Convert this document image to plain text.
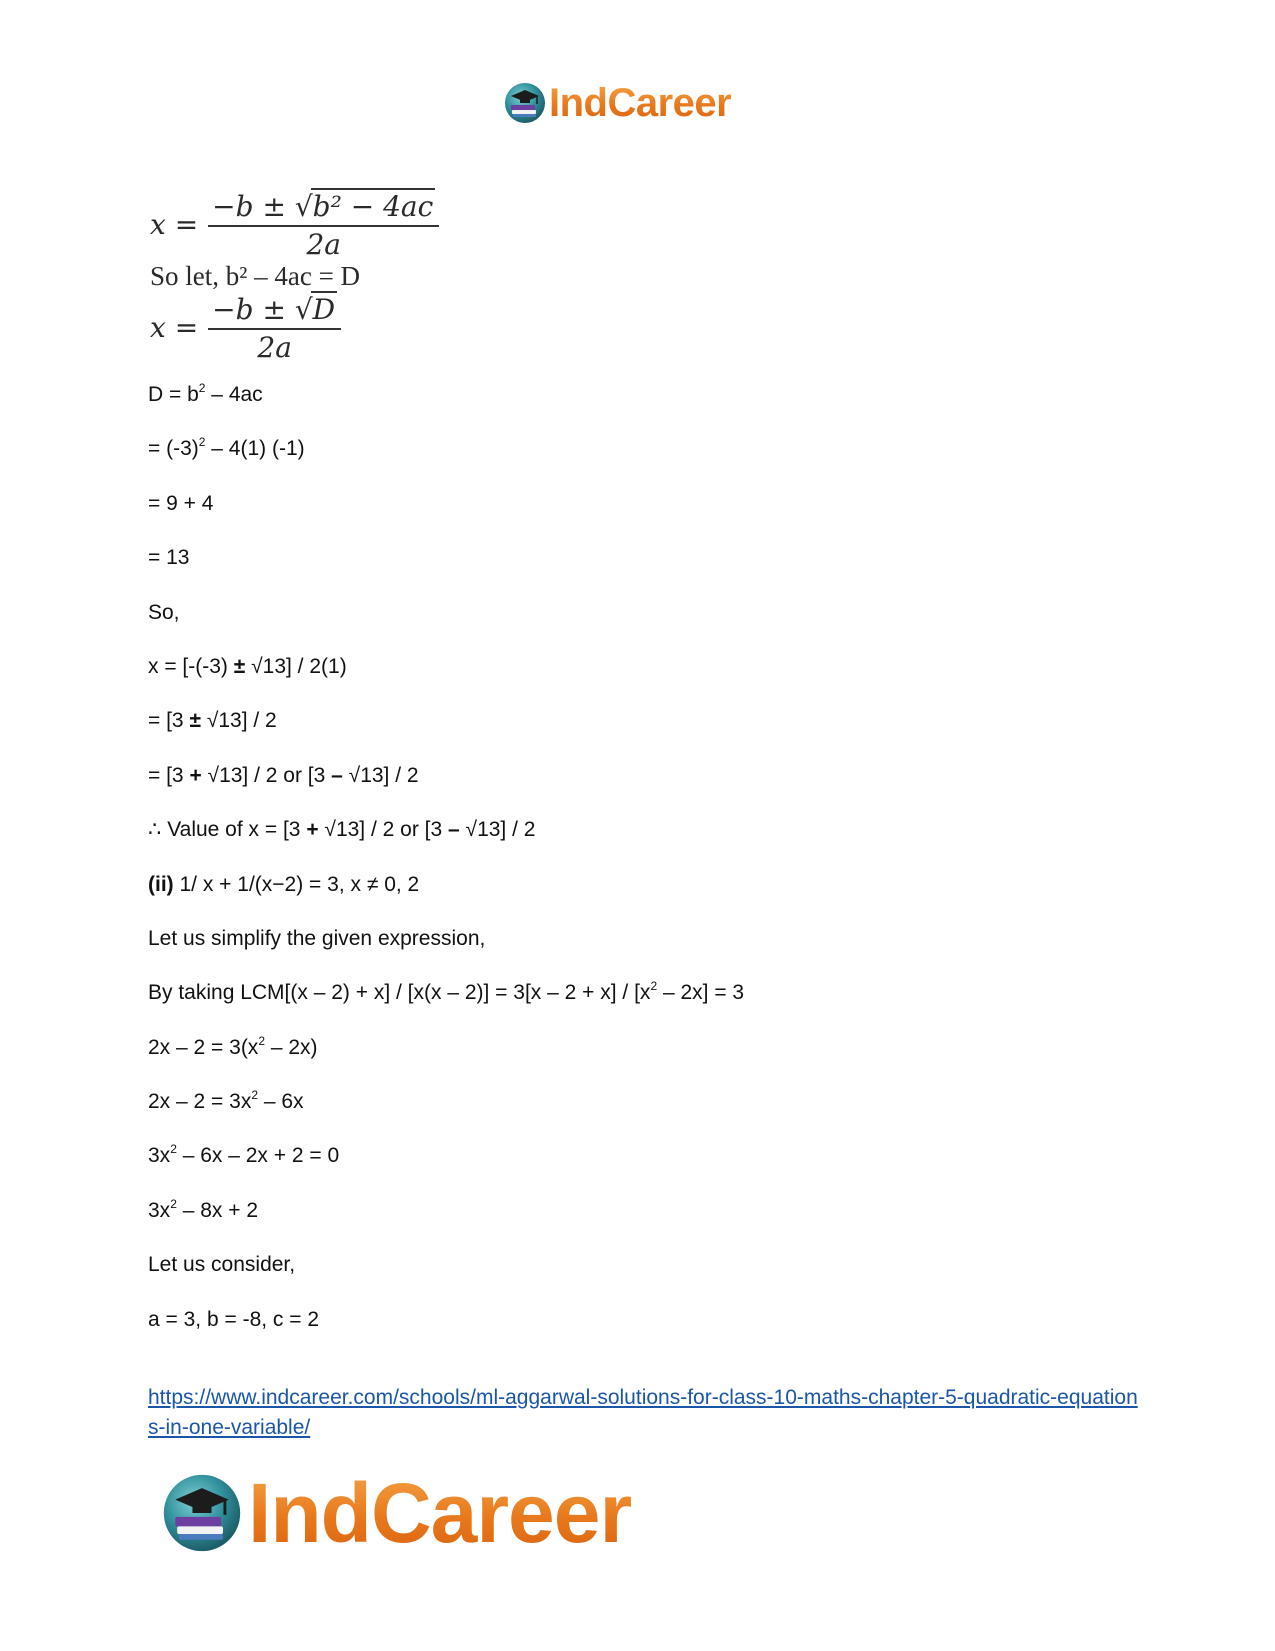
IndCareer
$x = \frac{\text{−b ± √b² − 4ac}}{2a}$
So let, b² – 4ac = D
$x = \frac{-b \pm √D}{2a}$
$D = b^2 - 4ac$
= $(-3)^2 - 4(1)$ (-1)
= 9 + 4
= 13
So,
x = [-(-3) ± √13] / 2(1)
= [3 ± √13] / 2
= [3 + √13] / 2 or [3 – √13] / 2
∴ Value of x = [3 + √13] / 2 or [3 – √13] / 2
(ii) 1/ x + 1/(x−2) = 3, x ≠ 0, 2
Let us simplify the given expression,
By taking $LCM[(x - 2) + x] / [x(x - 2)] = 3[x - 2 + x] / [x^2 - 2x] = 3$
$2x - 2 = 3(x^2 - 2x)$
$2x - 2 = 3x^2 - 6x$
$3x^2 - 6x - 2x + 2 = 0$
$3x^2 - 8x + 2$
Let us consider,
a = 3, b = -8, c = 2
https://www.indcareer.com/schools/ml-aggarwal-solutions-for-class-10-maths-chapter-5-quadratic-equations-in-one-variable/
IndCareer
